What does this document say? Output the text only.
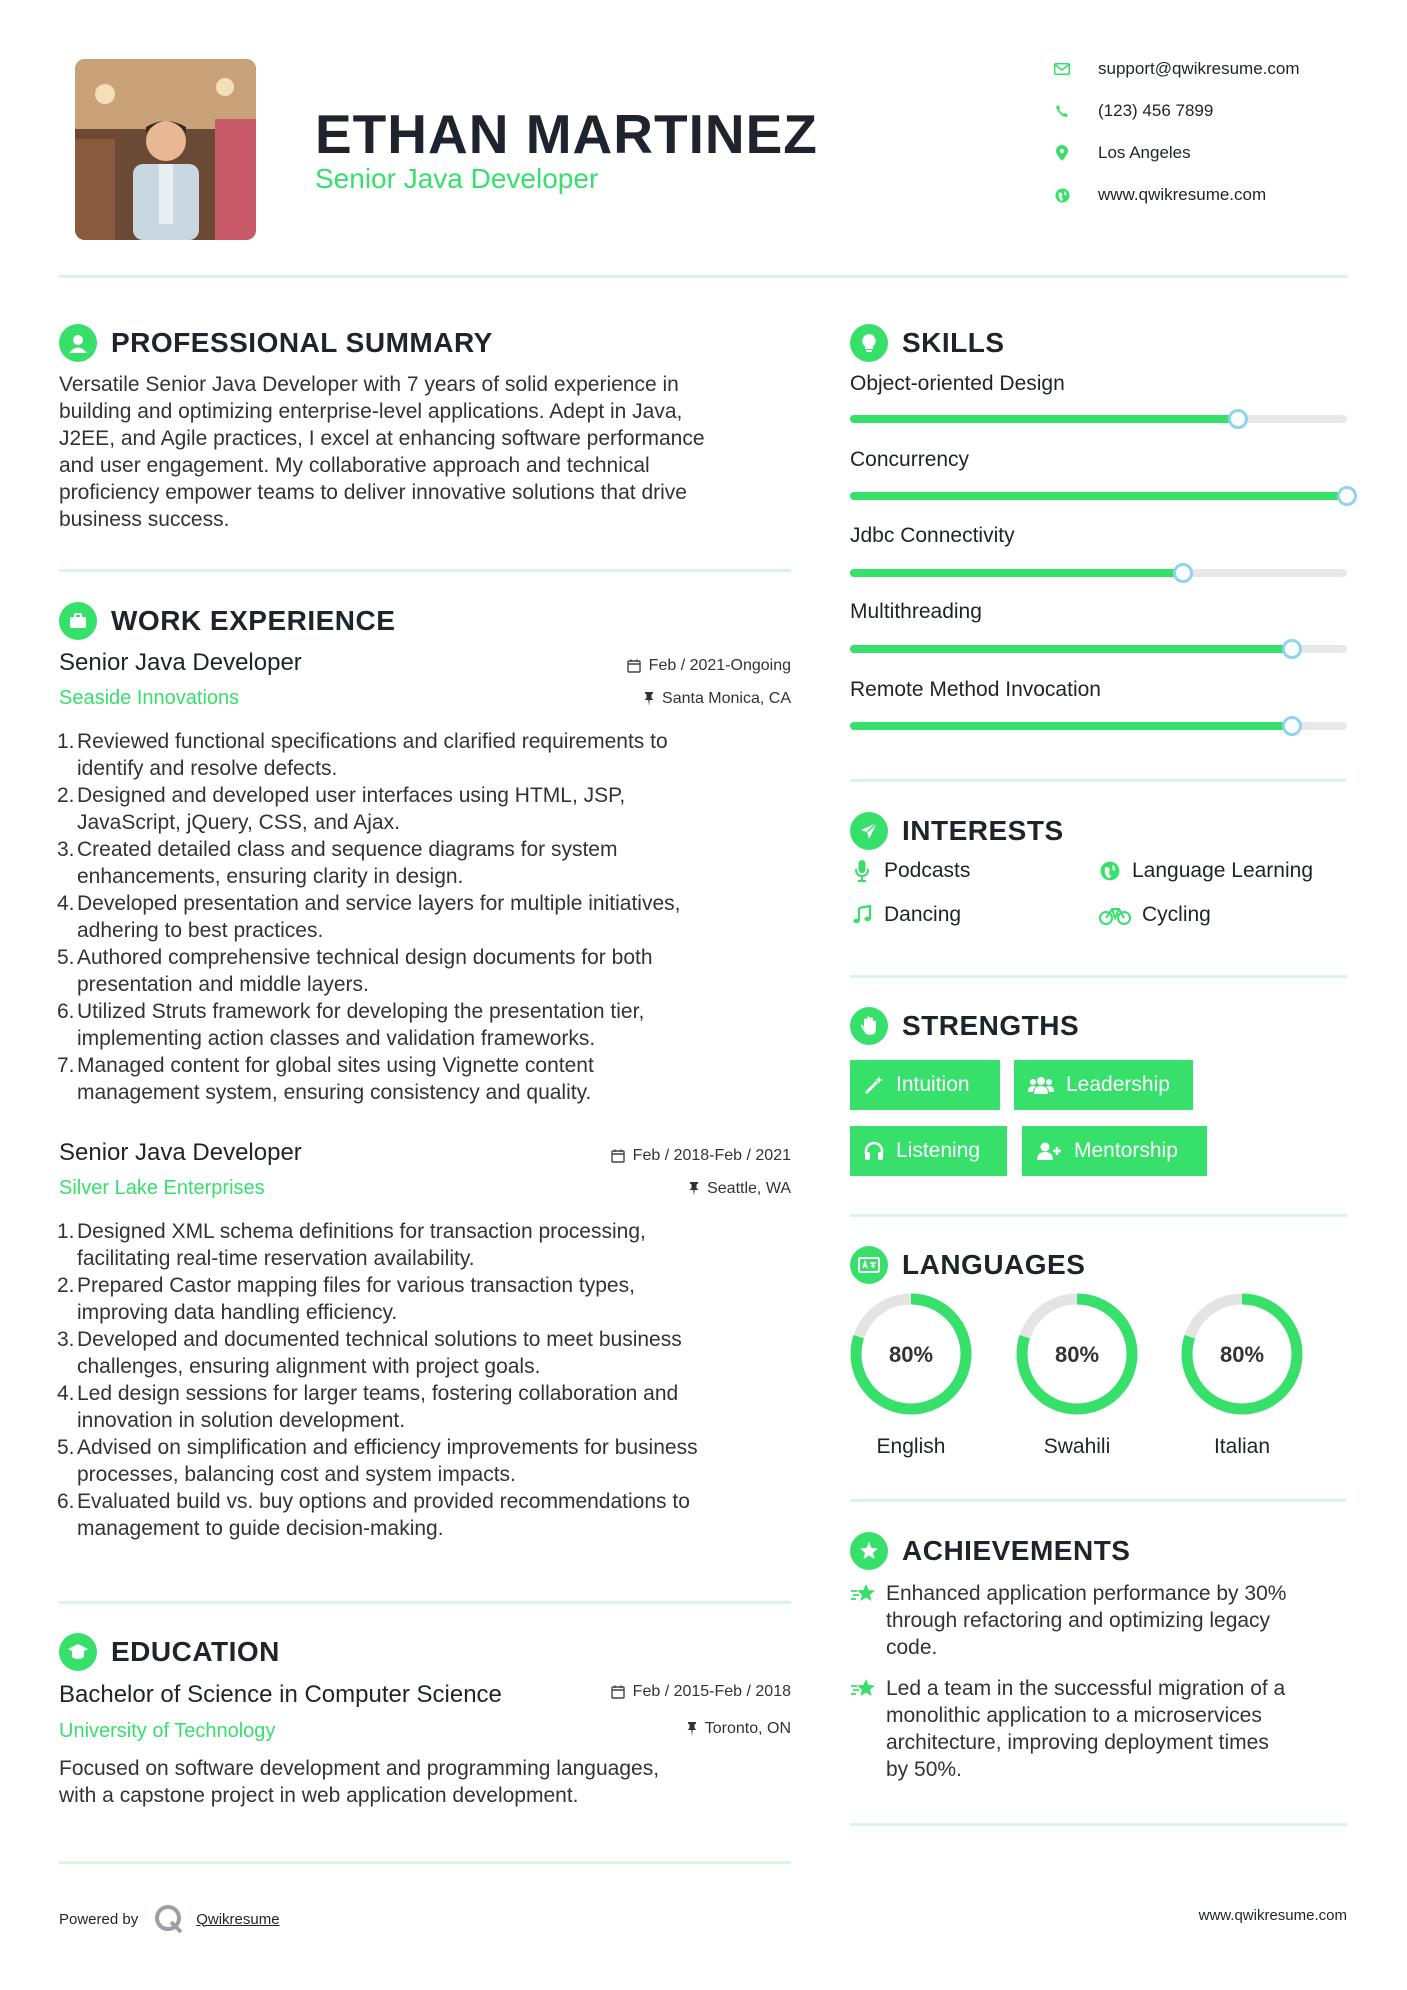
ETHAN MARTINEZ
Senior Java Developer
support@qwikresume.com
(123) 456 7899
Los Angeles
www.qwikresume.com
PROFESSIONAL SUMMARY
Versatile Senior Java Developer with 7 years of solid experience in
building and optimizing enterprise-level applications. Adept in Java,
J2EE, and Agile practices, I excel at enhancing software performance
and user engagement. My collaborative approach and technical
proficiency empower teams to deliver innovative solutions that drive
business success.
WORK EXPERIENCE
Senior Java Developer	Feb / 2021-Ongoing
Seaside Innovations	Santa Monica, CA
1. Reviewed functional specifications and clarified requirements to
identify and resolve defects.
2. Designed and developed user interfaces using HTML, JSP,
JavaScript, jQuery, CSS, and Ajax.
3. Created detailed class and sequence diagrams for system
enhancements, ensuring clarity in design.
4. Developed presentation and service layers for multiple initiatives,
adhering to best practices.
5. Authored comprehensive technical design documents for both
presentation and middle layers.
6. Utilized Struts framework for developing the presentation tier,
implementing action classes and validation frameworks.
7. Managed content for global sites using Vignette content
management system, ensuring consistency and quality.
Senior Java Developer	Feb / 2018-Feb / 2021
Silver Lake Enterprises	Seattle, WA
1. Designed XML schema definitions for transaction processing,
facilitating real-time reservation availability.
2. Prepared Castor mapping files for various transaction types,
improving data handling efficiency.
3. Developed and documented technical solutions to meet business
challenges, ensuring alignment with project goals.
4. Led design sessions for larger teams, fostering collaboration and
innovation in solution development.
5. Advised on simplification and efficiency improvements for business
processes, balancing cost and system impacts.
6. Evaluated build vs. buy options and provided recommendations to
management to guide decision-making.
EDUCATION
Bachelor of Science in Computer Science	Feb / 2015-Feb / 2018
University of Technology	Toronto, ON
Focused on software development and programming languages,
with a capstone project in web application development.
SKILLS
Object-oriented Design
Concurrency
Jdbc Connectivity
Multithreading
Remote Method Invocation
INTERESTS
Podcasts	Language Learning
Dancing	Cycling
STRENGTHS
Intuition	Leadership
Listening	Mentorship
LANGUAGES
80%
English
80%
Swahili
80%
Italian
ACHIEVEMENTS
Enhanced application performance by 30%
through refactoring and optimizing legacy
code.
Led a team in the successful migration of a
monolithic application to a microservices
architecture, improving deployment times
by 50%.
Powered by	Qwikresume	www.qwikresume.com
